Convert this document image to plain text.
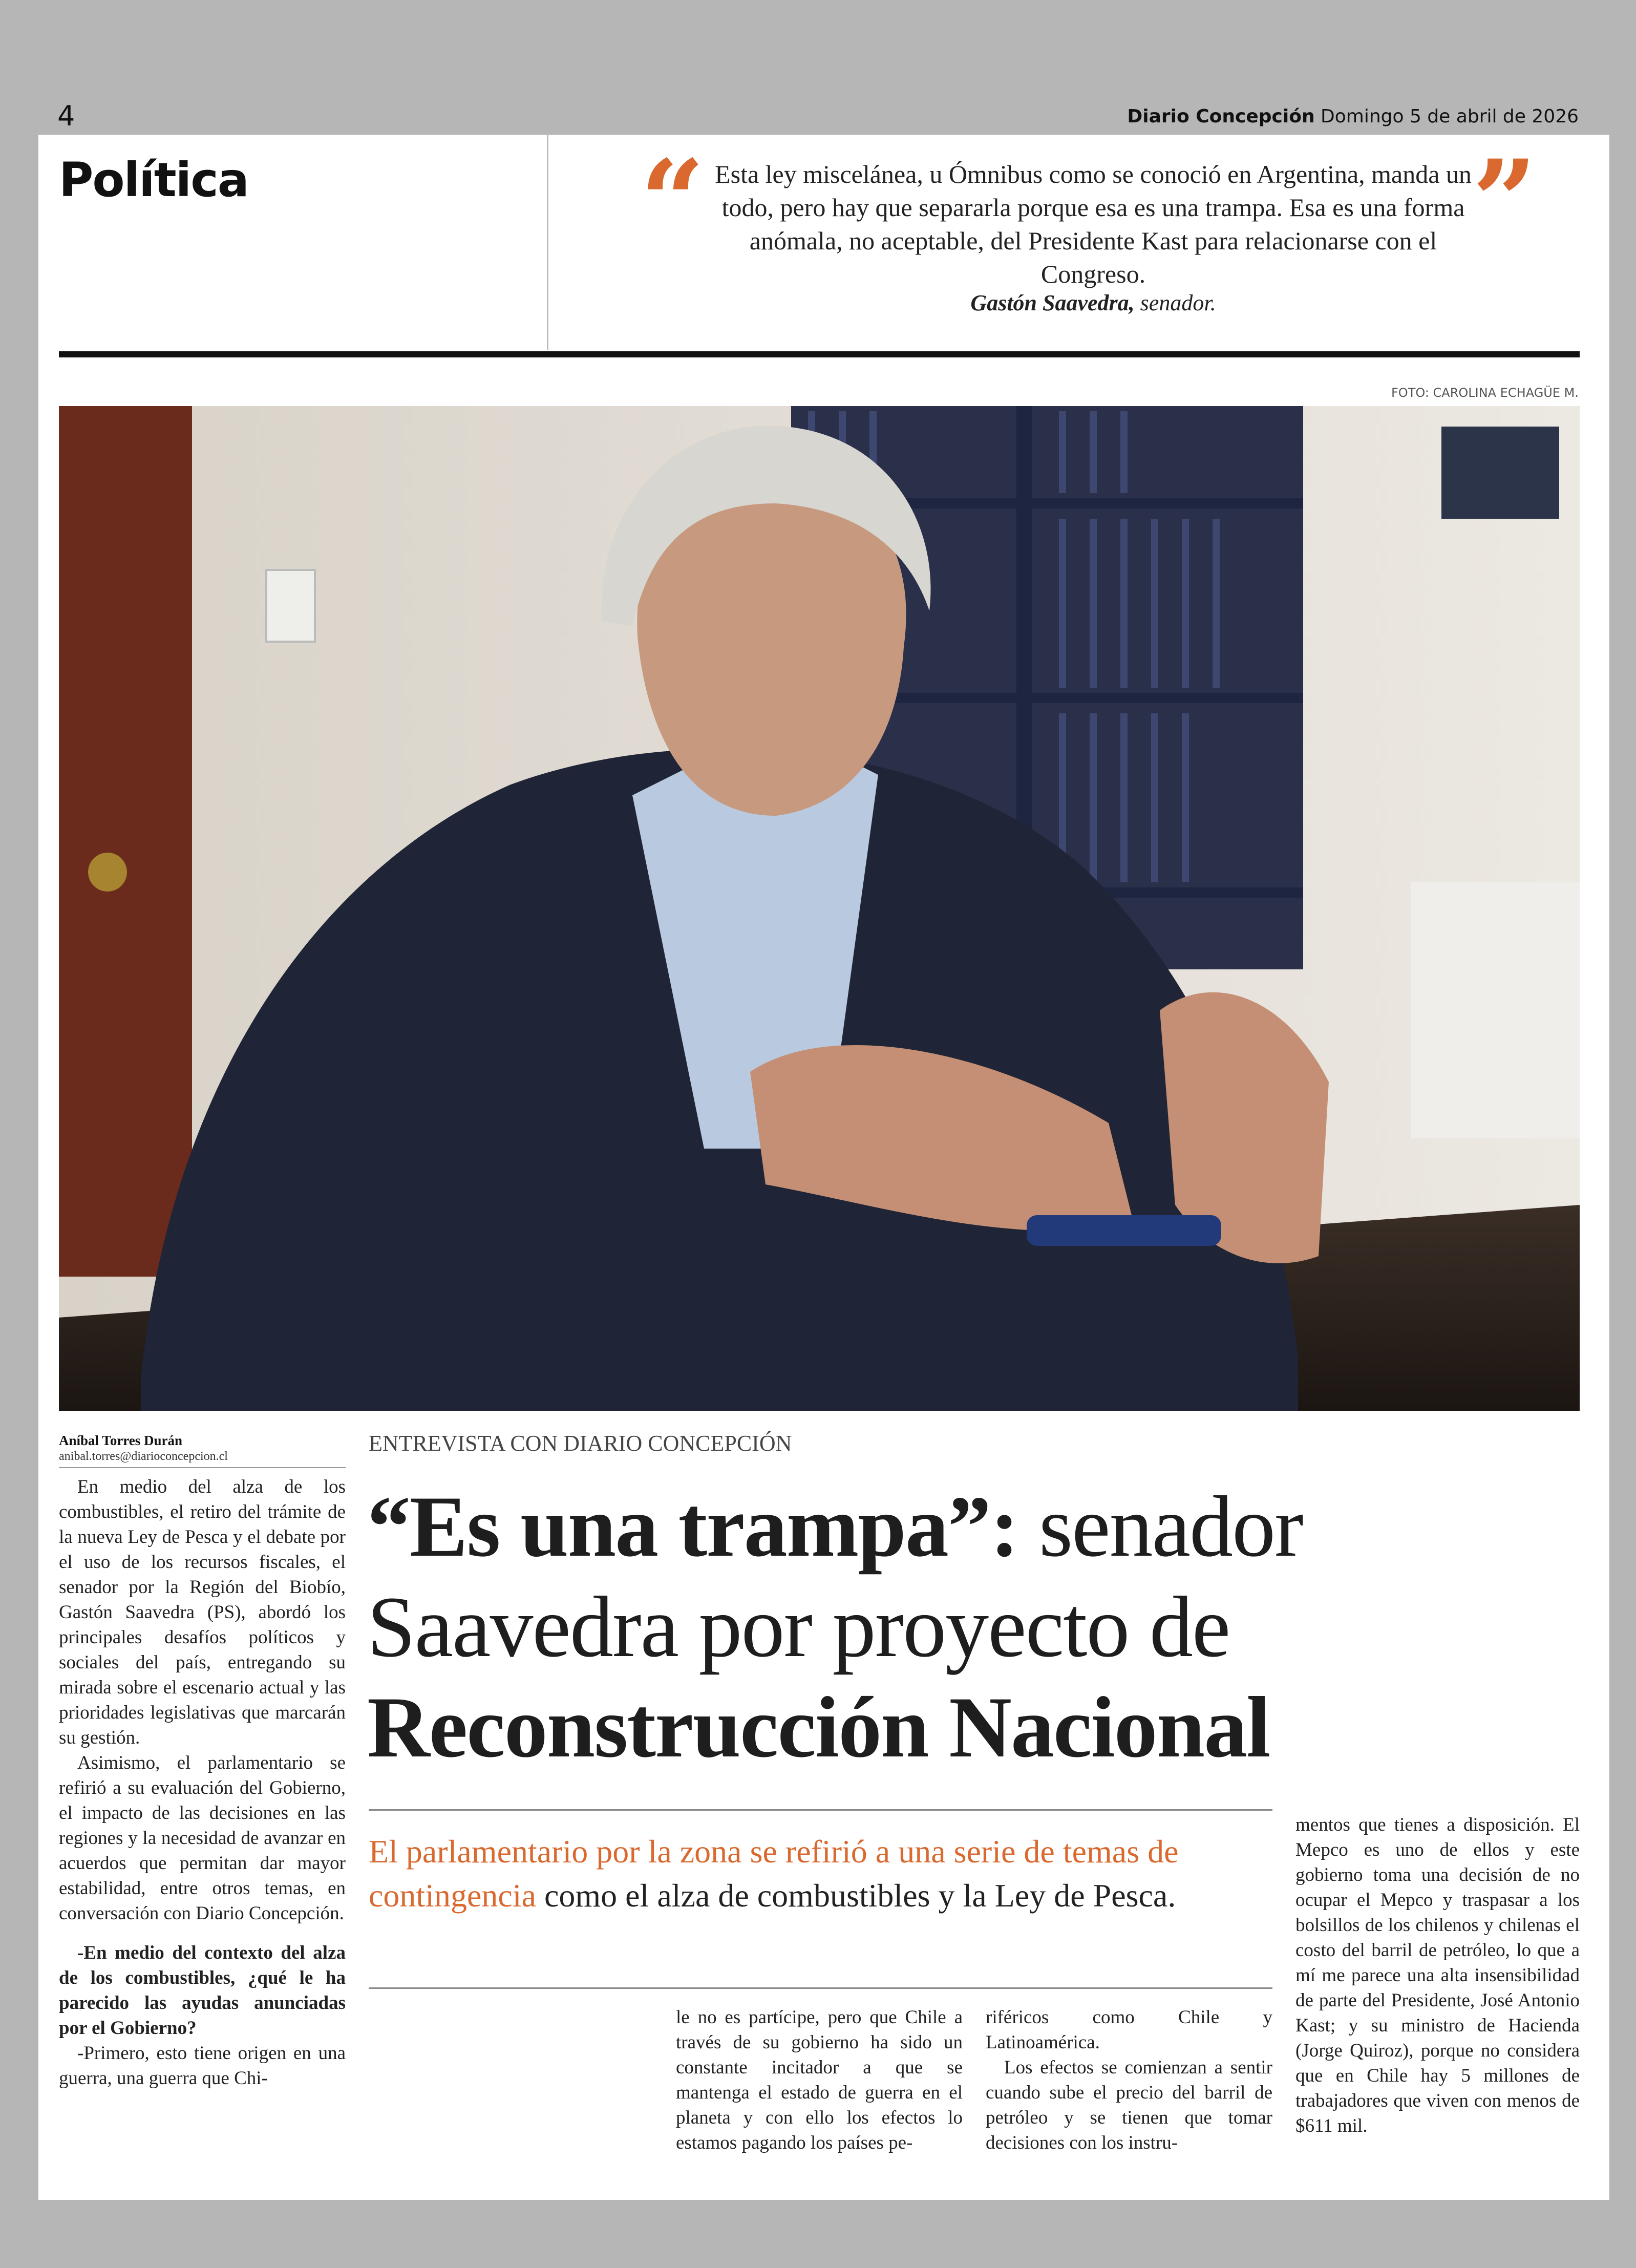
4	Diario Concepción Domingo 5 de abril de 2026
Política	“ Esta ley miscelánea, u Ómnibus como se conoció en Argentina, manda un todo, pero hay que separarla porque esa es una trampa. Esa es una forma anómala, no aceptable, del Presidente Kast para relacionarse con el Congreso.
Gastón Saavedra, senador.
”
FOTO: CAROLINA ECHAGÜE M.
Aníbal Torres Durán
anibal.torres@diarioconcepcion.cl

En medio del alza de los combustibles, el retiro del trámite de la nueva Ley de Pesca y el debate por el uso de los recursos fiscales, el senador por la Región del Biobío, Gastón Saavedra (PS), abordó los principales desafíos políticos y sociales del país, entregando su mirada sobre el escenario actual y las prioridades legislativas que marcarán su gestión.

Asimismo, el parlamentario se refirió a su evaluación del Gobierno, el impacto de las decisiones en las regiones y la necesidad de avanzar en acuerdos que permitan dar mayor estabilidad, entre otros temas, en conversación con Diario Concepción.

-En medio del contexto del alza de los combustibles, ¿qué le ha parecido las ayudas anunciadas por el Gobierno?

-Primero, esto tiene origen en una guerra, una guerra que Chi-

ENTREVISTA CON DIARIO CONCEPCIÓN
“Es una trampa”: senador Saavedra por proyecto de Reconstrucción Nacional
El parlamentario por la zona se refirió a una serie de temas de contingencia como el alza de combustibles y la Ley de Pesca.

le no es partícipe, pero que Chile a través de su gobierno ha sido un constante incitador a que se mantenga el estado de guerra en el planeta y con ello los efectos lo estamos pagando los países pe-

riféricos como Chile y Latinoamérica.

Los efectos se comienzan a sentir cuando sube el precio del barril de petróleo y se tienen que tomar decisiones con los instru-

mentos que tienes a disposición. El Mepco es uno de ellos y este gobierno toma una decisión de no ocupar el Mepco y traspasar a los bolsillos de los chilenos y chilenas el costo del barril de petróleo, lo que a mí me parece una alta insensibilidad de parte del Presidente, José Antonio Kast; y su ministro de Hacienda (Jorge Quiroz), porque no considera que en Chile hay 5 millones de trabajadores que viven con menos de $611 mil.
